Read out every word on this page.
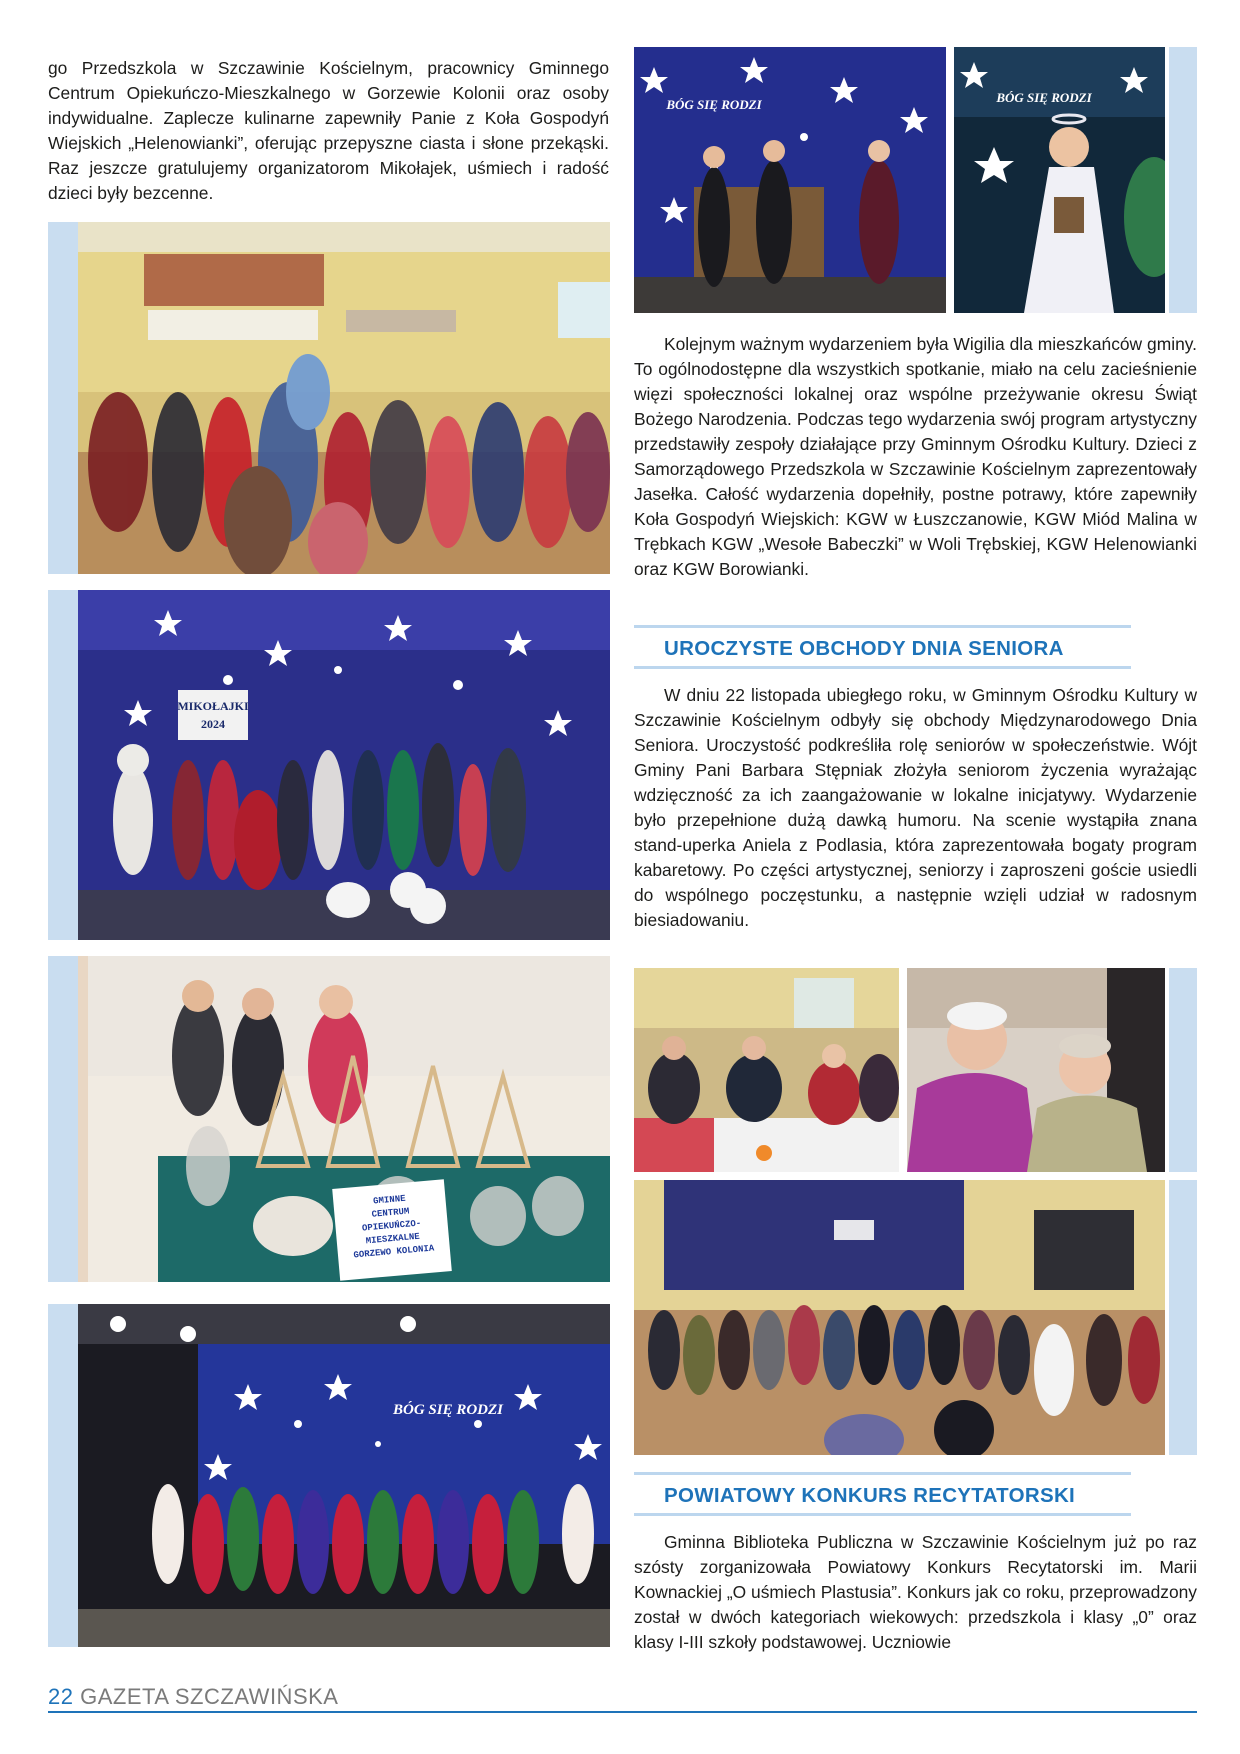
go Przedszkola w Szczawinie Kościelnym, pracownicy Gminnego Centrum Opiekuńczo-Mieszkalnego w Gorzewie Kolonii oraz osoby indywidualne. Zaplecze kulinarne zapewniły Panie z Koła Gospodyń Wiejskich „Helenowianki”, oferując przepyszne ciasta i słone przekąski. Raz jeszcze gratulujemy organizatorom Mikołajek, uśmiech i radość dzieci były bezcenne.

MIKOŁAJKI
2024
GMINNE
CENTRUM
OPIEKUŃCZO-
MIESZKALNE
GORZEWO KOLONIA
BÓG SIĘ RODZI
BÓG SIĘ RODZI	BÓG SIĘ RODZI

Kolejnym ważnym wydarzeniem była Wigilia dla mieszkańców gminy. To ogólnodostępne dla wszystkich spotkanie, miało na celu zacieśnienie więzi społeczności lokalnej oraz wspólne przeżywanie okresu Świąt Bożego Narodzenia. Podczas tego wydarzenia swój program artystyczny przedstawiły zespoły działające przy Gminnym Ośrodku Kultury. Dzieci z Samorządowego Przedszkola w Szczawinie Kościelnym zaprezentowały Jasełka. Całość wydarzenia dopełniły, postne potrawy, które zapewniły Koła Gospodyń Wiejskich: KGW w Łuszczanowie, KGW Miód Malina w Trębkach KGW „Wesołe Babeczki” w Woli Trębskiej, KGW Helenowianki oraz KGW Borowianki.

UROCZYSTE OBCHODY DNIA SENIORA

W dniu 22 listopada ubiegłego roku, w Gminnym Ośrodku Kultury w Szczawinie Kościelnym odbyły się obchody Międzynarodowego Dnia Seniora. Uroczystość podkreśliła rolę seniorów w społeczeństwie. Wójt Gminy Pani Barbara Stępniak złożyła seniorom życzenia wyrażając wdzięczność za ich zaangażowanie w lokalne inicjatywy. Wydarzenie było przepełnione dużą dawką humoru. Na scenie wystąpiła znana stand-uperka Aniela z Podlasia, która zaprezentowała bogaty program kabaretowy. Po części artystycznej, seniorzy i zaproszeni goście usiedli do wspólnego poczęstunku, a następnie wzięli udział w radosnym biesiadowaniu.

POWIATOWY KONKURS RECYTATORSKI

Gminna Biblioteka Publiczna w Szczawinie Kościelnym już po raz szósty zorganizowała Powiatowy Konkurs Recytatorski im. Marii Kownackiej „O uśmiech Plastusia”. Konkurs jak co roku, przeprowadzony został w dwóch kategoriach wiekowych: przedszkola i klasy „0” oraz klasy I-III szkoły podstawowej. Uczniowie

22 GAZETA SZCZAWIŃSKA
